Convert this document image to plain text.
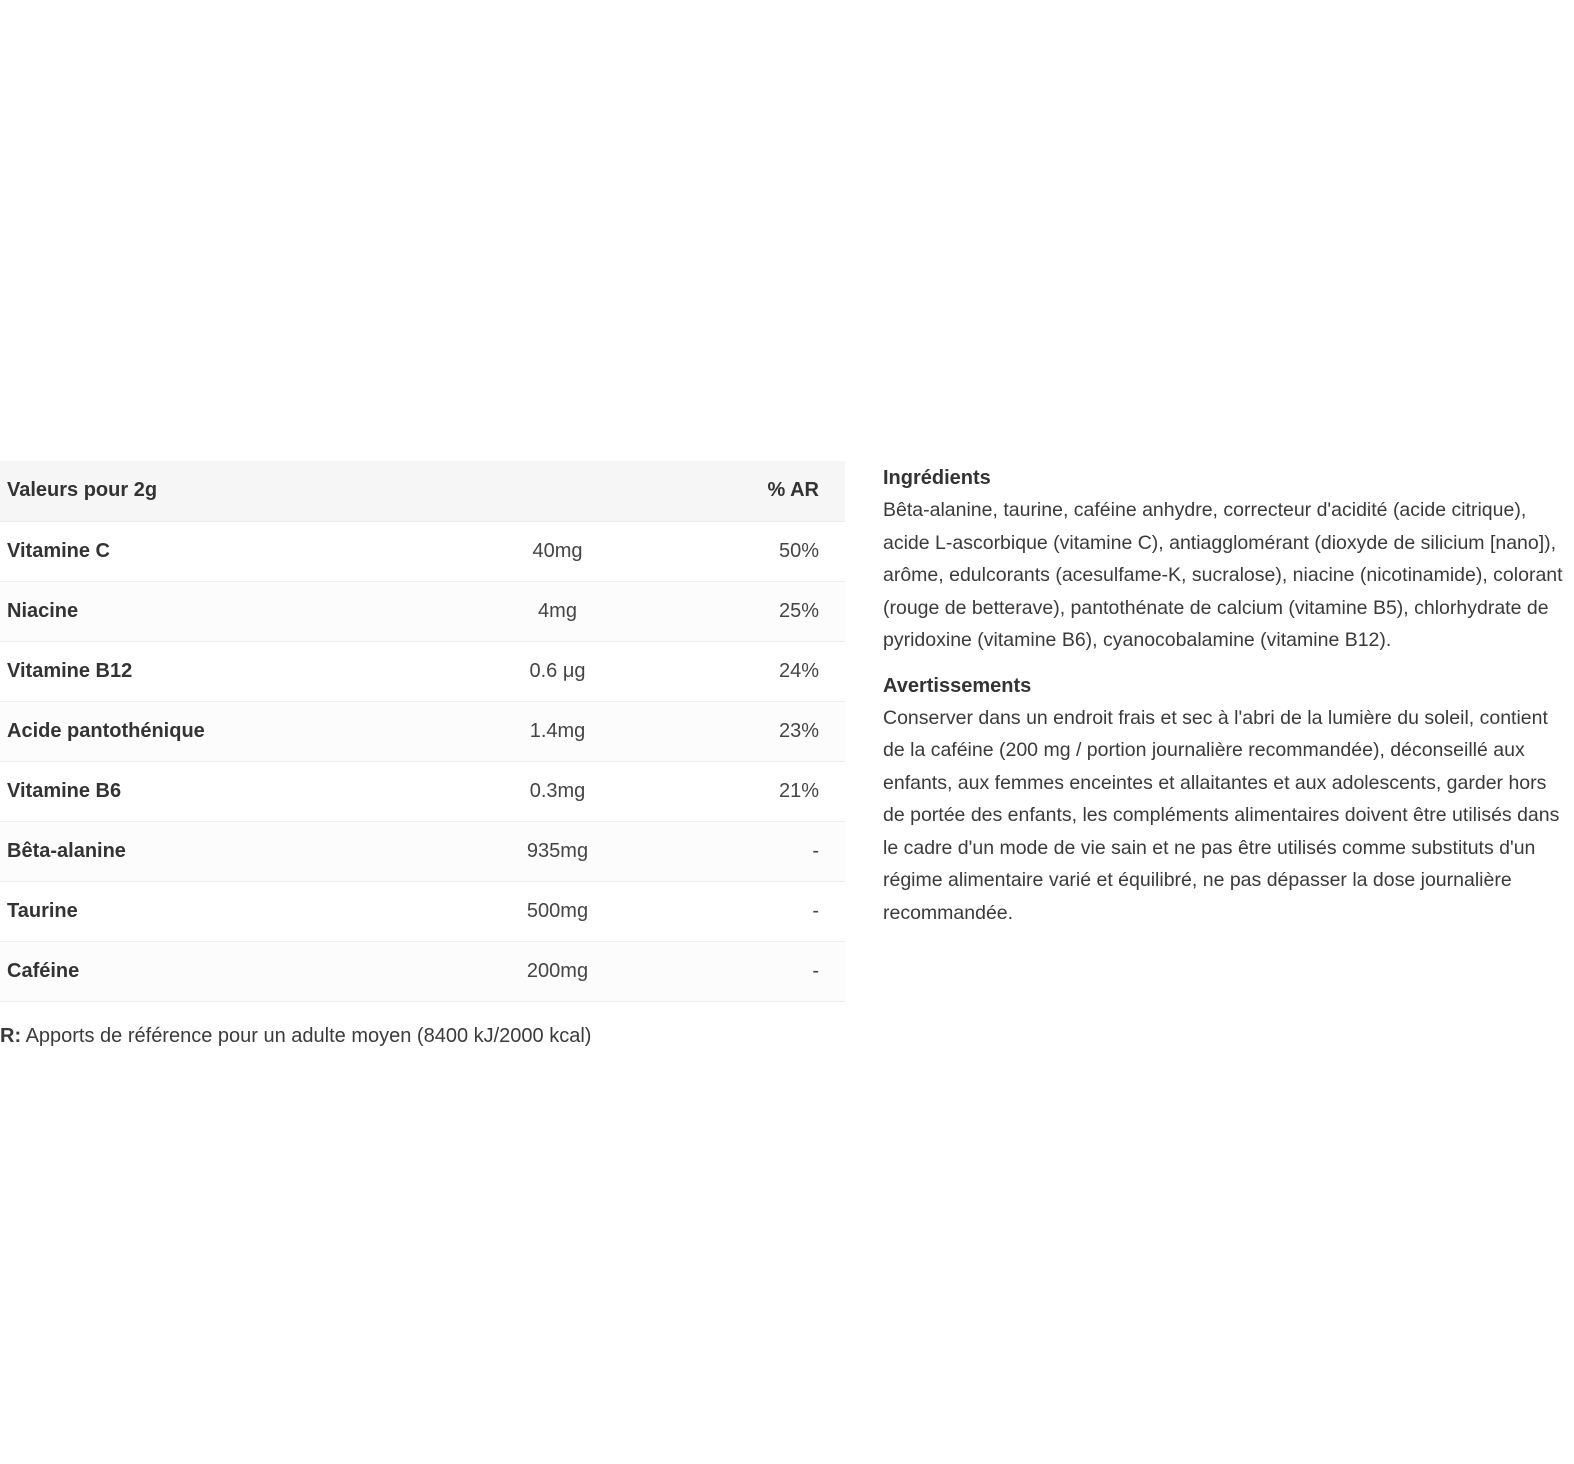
Valeurs pour 2g		% AR
Vitamine C	40mg	50%
Niacine	4mg	25%
Vitamine B12	0.6 μg	24%
Acide pantothénique	1.4mg	23%
Vitamine B6	0.3mg	21%
Bêta-alanine	935mg	-
Taurine	500mg	-
Caféine	200mg	-
R: Apports de référence pour un adulte moyen (8400 kJ/2000 kcal)
Ingrédients

Bêta-alanine, taurine, caféine anhydre, correcteur d'acidité (acide citrique), acide L-ascorbique (vitamine C), antiagglomérant (dioxyde de silicium [nano]), arôme, edulcorants (acesulfame-K, sucralose), niacine (nicotinamide), colorant (rouge de betterave), pantothénate de calcium (vitamine B5), chlorhydrate de pyridoxine (vitamine B6), cyanocobalamine (vitamine B12).

Avertissements

Conserver dans un endroit frais et sec à l'abri de la lumière du soleil, contient de la caféine (200 mg / portion journalière recommandée), déconseillé aux enfants, aux femmes enceintes et allaitantes et aux adolescents, garder hors de portée des enfants, les compléments alimentaires doivent être utilisés dans le cadre d'un mode de vie sain et ne pas être utilisés comme substituts d'un régime alimentaire varié et équilibré, ne pas dépasser la dose journalière recommandée.
